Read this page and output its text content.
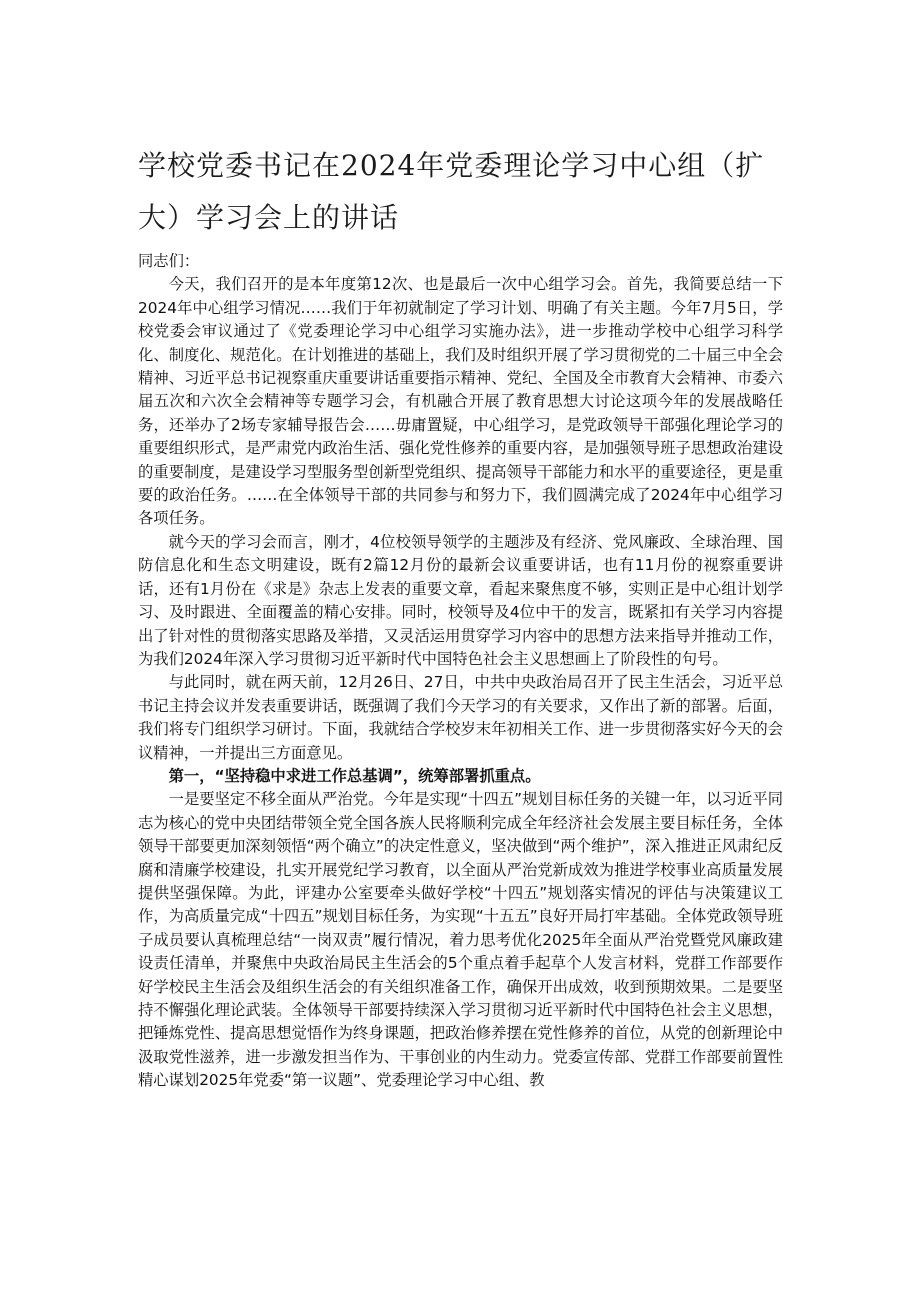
学校党委书记在2024年党委理论学习中心组（扩大）学习会上的讲话

同志们：

今天，我们召开的是本年度第12次、也是最后一次中心组学习会。首先，我简要总结一下2024年中心组学习情况……我们于年初就制定了学习计划、明确了有关主题。今年7月5日，学校党委会审议通过了《党委理论学习中心组学习实施办法》，进一步推动学校中心组学习科学化、制度化、规范化。在计划推进的基础上，我们及时组织开展了学习贯彻党的二十届三中全会精神、习近平总书记视察重庆重要讲话重要指示精神、党纪、全国及全市教育大会精神、市委六届五次和六次全会精神等专题学习会，有机融合开展了教育思想大讨论这项今年的发展战略任务，还举办了2场专家辅导报告会……毋庸置疑，中心组学习，是党政领导干部强化理论学习的重要组织形式，是严肃党内政治生活、强化党性修养的重要内容，是加强领导班子思想政治建设的重要制度，是建设学习型服务型创新型党组织、提高领导干部能力和水平的重要途径，更是重要的政治任务。……在全体领导干部的共同参与和努力下，我们圆满完成了2024年中心组学习各项任务。

就今天的学习会而言，刚才，4位校领导领学的主题涉及有经济、党风廉政、全球治理、国防信息化和生态文明建设，既有2篇12月份的最新会议重要讲话，也有11月份的视察重要讲话，还有1月份在《求是》杂志上发表的重要文章，看起来聚焦度不够，实则正是中心组计划学习、及时跟进、全面覆盖的精心安排。同时，校领导及4位中干的发言，既紧扣有关学习内容提出了针对性的贯彻落实思路及举措，又灵活运用贯穿学习内容中的思想方法来指导并推动工作，为我们2024年深入学习贯彻习近平新时代中国特色社会主义思想画上了阶段性的句号。

与此同时，就在两天前，12月26日、27日，中共中央政治局召开了民主生活会，习近平总书记主持会议并发表重要讲话，既强调了我们今天学习的有关要求，又作出了新的部署。后面，我们将专门组织学习研讨。下面，我就结合学校岁末年初相关工作、进一步贯彻落实好今天的会议精神，一并提出三方面意见。

第一，“坚持稳中求进工作总基调”，统筹部署抓重点。

一是要坚定不移全面从严治党。今年是实现“十四五”规划目标任务的关键一年，以习近平同志为核心的党中央团结带领全党全国各族人民将顺利完成全年经济社会发展主要目标任务，全体领导干部要更加深刻领悟“两个确立”的决定性意义，坚决做到“两个维护”，深入推进正风肃纪反腐和清廉学校建设，扎实开展党纪学习教育，以全面从严治党新成效为推进学校事业高质量发展提供坚强保障。为此，评建办公室要牵头做好学校“十四五”规划落实情况的评估与决策建议工作，为高质量完成“十四五”规划目标任务，为实现“十五五”良好开局打牢基础。全体党政领导班子成员要认真梳理总结“一岗双责”履行情况，着力思考优化2025年全面从严治党暨党风廉政建设责任清单，并聚焦中央政治局民主生活会的5个重点着手起草个人发言材料，党群工作部要作好学校民主生活会及组织生活会的有关组织准备工作，确保开出成效，收到预期效果。二是要坚持不懈强化理论武装。全体领导干部要持续深入学习贯彻习近平新时代中国特色社会主义思想，把锤炼党性、提高思想觉悟作为终身课题，把政治修养摆在党性修养的首位，从党的创新理论中汲取党性滋养，进一步激发担当作为、干事创业的内生动力。党委宣传部、党群工作部要前置性精心谋划2025年党委“第一议题”、党委理论学习中心组、教
